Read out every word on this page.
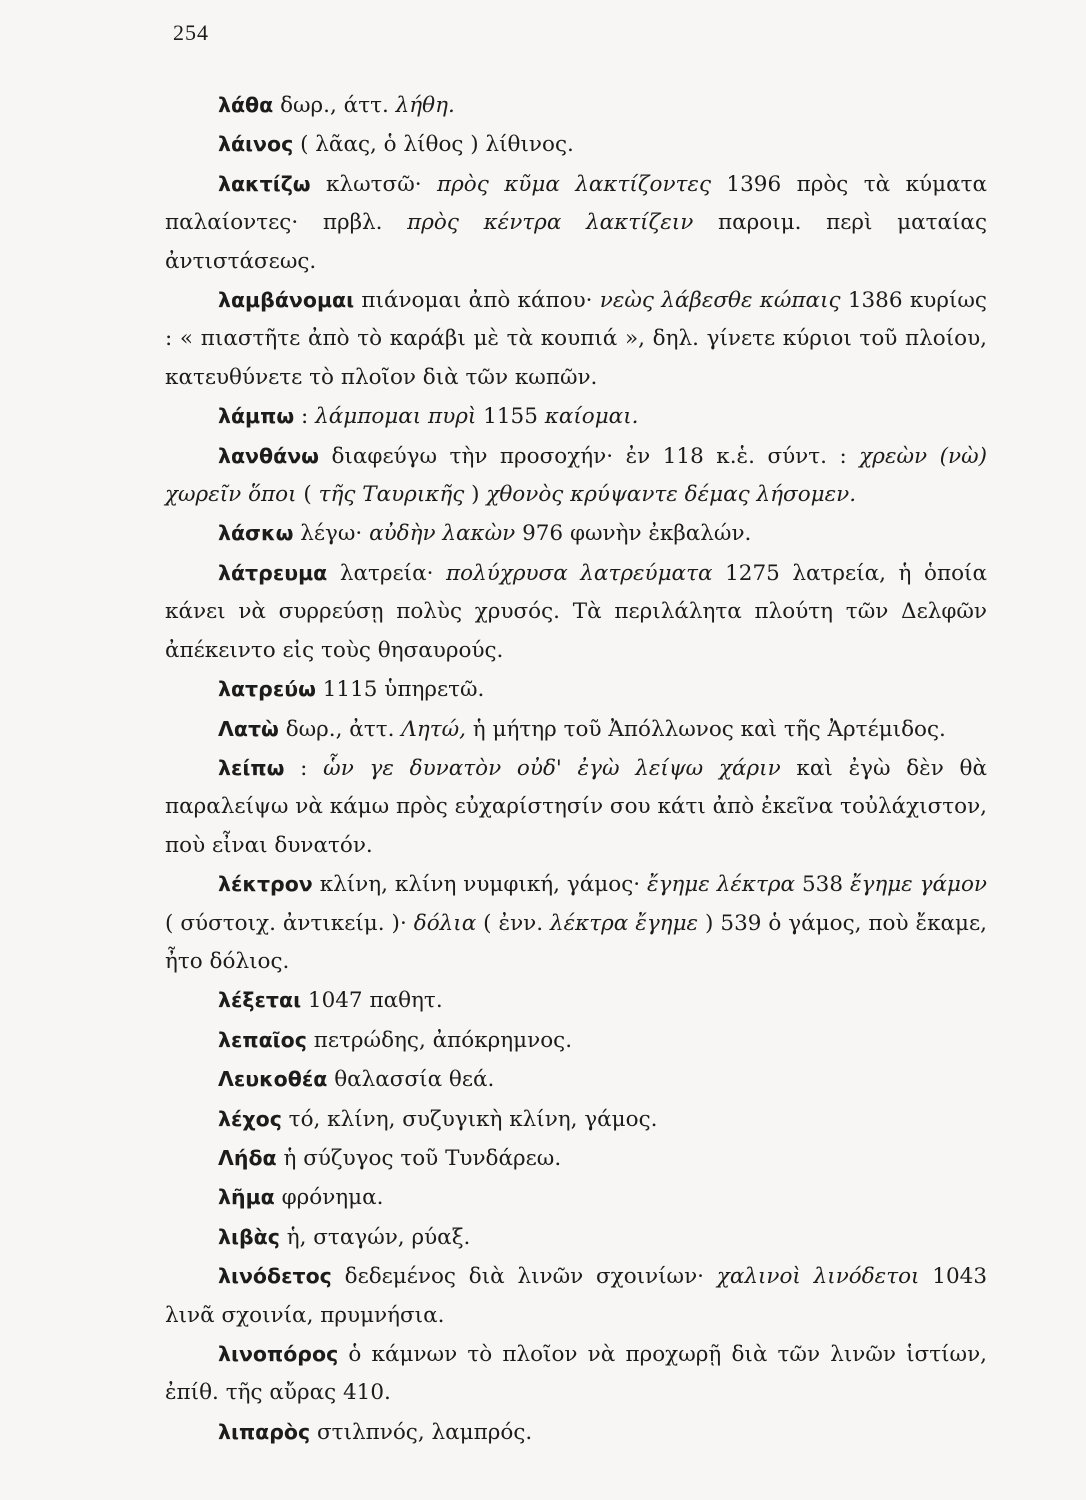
254

λάθα δωρ., άττ. λήθη.

λάινος ( λᾶας, ὁ λίθος ) λίθινος.

λακτίζω κλωτσῶ· πρὸς κῦμα λακτίζοντες 1396 πρὸς τὰ κύματα παλαίοντες· πρβλ. πρὸς κέντρα λακτίζειν παροιμ. περὶ ματαίας ἀντιστάσεως.

λαμβάνομαι πιάνομαι ἀπὸ κάπου· νεὼς λάβεσθε κώπαις 1386 κυρίως : « πιαστῆτε ἀπὸ τὸ καράβι μὲ τὰ κουπιά », δηλ. γίνετε κύριοι τοῦ πλοίου, κατευθύνετε τὸ πλοῖον διὰ τῶν κωπῶν.

λάμπω : λάμπομαι πυρὶ 1155 καίομαι.

λανθάνω διαφεύγω τὴν προσοχήν· ἐν 118 κ.ἑ. σύντ. : χρεὼν (νὼ) χωρεῖν ὅποι ( τῆς Ταυρικῆς ) χθονὸς κρύψαντε δέμας λήσομεν.

λάσκω λέγω· αὐδὴν λακὼν 976 φωνὴν ἐκβαλών.

λάτρευμα λατρεία· πολύχρυσα λατρεύματα 1275 λατρεία, ἡ ὁποία κάνει νὰ συρρεύσῃ πολὺς χρυσός. Τὰ περιλάλητα πλούτη τῶν Δελφῶν ἀπέκειντο εἰς τοὺς θησαυρούς.

λατρεύω 1115 ὑπηρετῶ.

Λατὼ δωρ., ἀττ. Λητώ, ἡ μήτηρ τοῦ Ἀπόλλωνος καὶ τῆς Ἀρτέμιδος.

λείπω : ὧν γε δυνατὸν οὐδ' ἐγὼ λείψω χάριν καὶ ἐγὼ δὲν θὰ παραλείψω νὰ κάμω πρὸς εὐχαρίστησίν σου κάτι ἀπὸ ἐκεῖνα τοὐλάχιστον, ποὺ εἶναι δυνατόν.

λέκτρον κλίνη, κλίνη νυμφική, γάμος· ἔγημε λέκτρα 538 ἔγημε γάμον ( σύστοιχ. ἀντικείμ. )· δόλια ( ἐνν. λέκτρα ἔγημε ) 539 ὁ γάμος, ποὺ ἔκαμε, ἦτο δόλιος.

λέξεται 1047 παθητ.

λεπαῖος πετρώδης, ἀπόκρημνος.

Λευκοθέα θαλασσία θεά.

λέχος τό, κλίνη, συζυγικὴ κλίνη, γάμος.

Λήδα ἡ σύζυγος τοῦ Τυνδάρεω.

λῆμα φρόνημα.

λιβὰς ἡ, σταγών, ρύαξ.

λινόδετος δεδεμένος διὰ λινῶν σχοινίων· χαλινοὶ λινόδετοι 1043 λινᾶ σχοινία, πρυμνήσια.

λινοπόρος ὁ κάμνων τὸ πλοῖον νὰ προχωρῇ διὰ τῶν λινῶν ἱστίων, ἐπίθ. τῆς αὔρας 410.

λιπαρὸς στιλπνός, λαμπρός.
